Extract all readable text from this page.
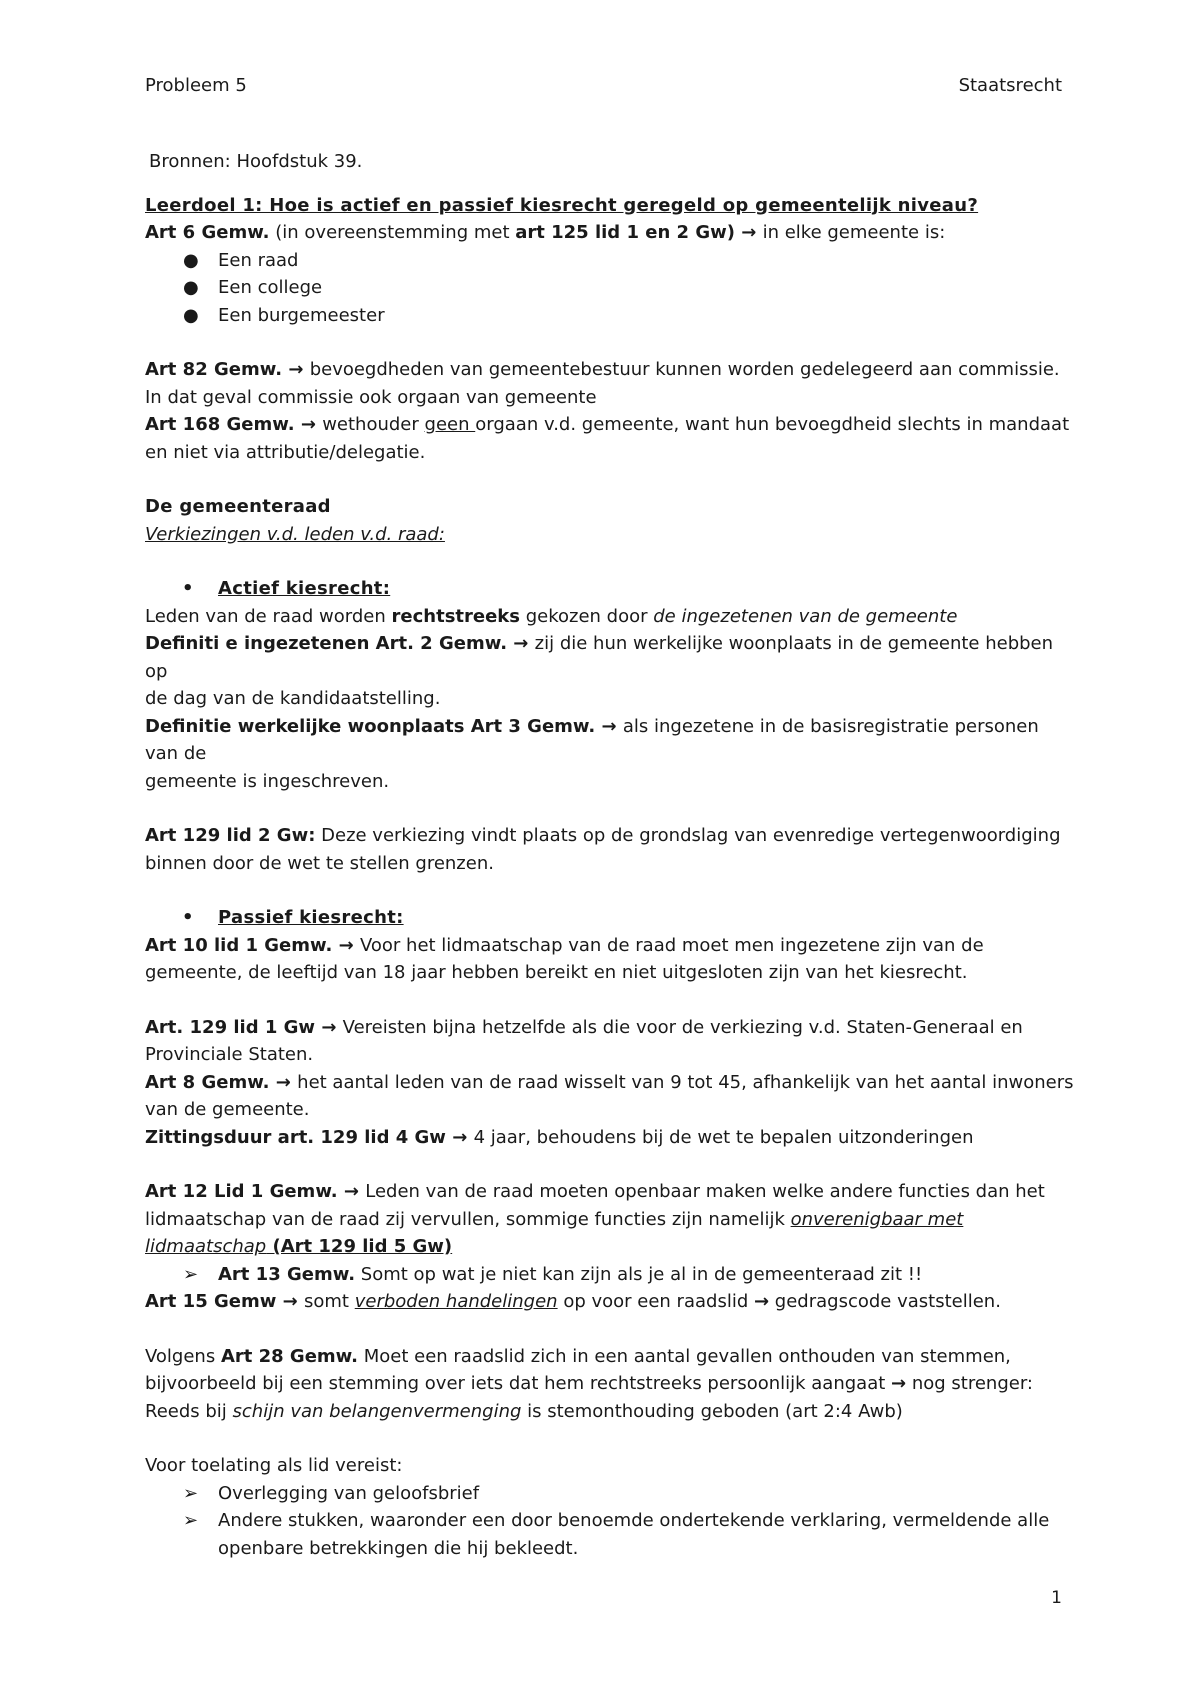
Probleem 5	Staatsrecht

Bronnen: Hoofdstuk 39.

Leerdoel 1: Hoe is actief en passief kiesrecht geregeld op gemeentelijk niveau?

Art 6 Gemw. (in overeenstemming met art 125 lid 1 en 2 Gw) → in elke gemeente is:

● Een raad
● Een college
● Een burgemeester

Art 82 Gemw. → bevoegdheden van gemeentebestuur kunnen worden gedelegeerd aan commissie.

In dat geval commissie ook orgaan van gemeente

Art 168 Gemw. → wethouder geen orgaan v.d. gemeente, want hun bevoegdheid slechts in mandaat

en niet via attributie/delegatie.

De gemeenteraad

Verkiezingen v.d. leden v.d. raad:

• Actief kiesrecht:

Leden van de raad worden rechtstreeks gekozen door de ingezetenen van de gemeente

Definiti e ingezetenen Art. 2 Gemw. → zij die hun werkelijke woonplaats in de gemeente hebben op

de dag van de kandidaatstelling.

Definitie werkelijke woonplaats Art 3 Gemw. → als ingezetene in de basisregistratie personen van de

gemeente is ingeschreven.

Art 129 lid 2 Gw: Deze verkiezing vindt plaats op de grondslag van evenredige vertegenwoordiging

binnen door de wet te stellen grenzen.

• Passief kiesrecht:

Art 10 lid 1 Gemw. → Voor het lidmaatschap van de raad moet men ingezetene zijn van de

gemeente, de leeftijd van 18 jaar hebben bereikt en niet uitgesloten zijn van het kiesrecht.

Art. 129 lid 1 Gw → Vereisten bijna hetzelfde als die voor de verkiezing v.d. Staten-Generaal en

Provinciale Staten.

Art 8 Gemw. → het aantal leden van de raad wisselt van 9 tot 45, afhankelijk van het aantal inwoners

van de gemeente.

Zittingsduur art. 129 lid 4 Gw → 4 jaar, behoudens bij de wet te bepalen uitzonderingen

Art 12 Lid 1 Gemw. → Leden van de raad moeten openbaar maken welke andere functies dan het

lidmaatschap van de raad zij vervullen, sommige functies zijn namelijk onverenigbaar met

lidmaatschap (Art 129 lid 5 Gw)

➢ Art 13 Gemw. Somt op wat je niet kan zijn als je al in de gemeenteraad zit !!

Art 15 Gemw → somt verboden handelingen op voor een raadslid → gedragscode vaststellen.

Volgens Art 28 Gemw. Moet een raadslid zich in een aantal gevallen onthouden van stemmen,

bijvoorbeeld bij een stemming over iets dat hem rechtstreeks persoonlijk aangaat → nog strenger:

Reeds bij schijn van belangenvermenging is stemonthouding geboden (art 2:4 Awb)

Voor toelating als lid vereist:

➢ Overlegging van geloofsbrief
➢ Andere stukken, waaronder een door benoemde ondertekende verklaring, vermeldende alle openbare betrekkingen die hij bekleedt.
1
